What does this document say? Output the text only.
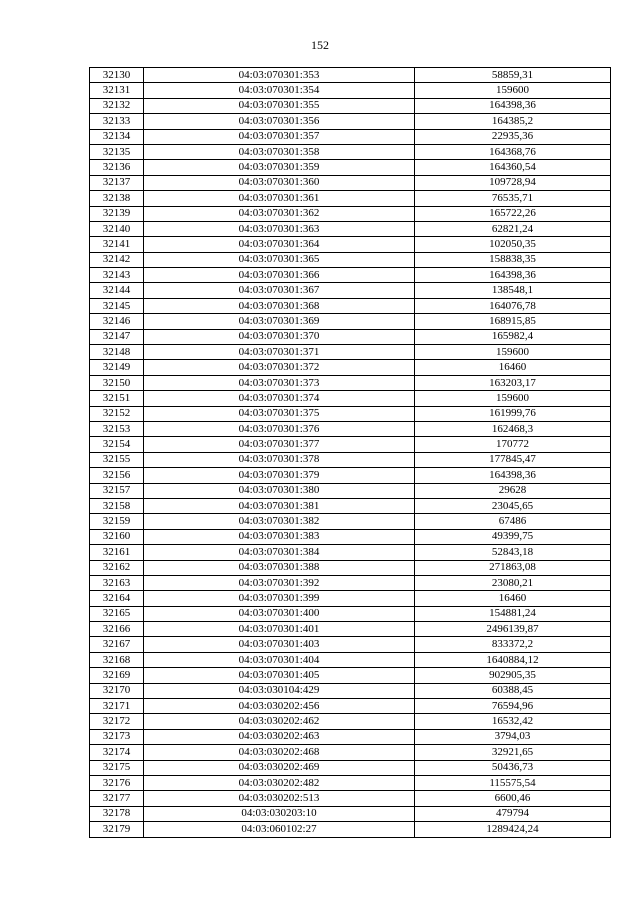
152
32130	04:03:070301:353	58859,31
32131	04:03:070301:354	159600
32132	04:03:070301:355	164398,36
32133	04:03:070301:356	164385,2
32134	04:03:070301:357	22935,36
32135	04:03:070301:358	164368,76
32136	04:03:070301:359	164360,54
32137	04:03:070301:360	109728,94
32138	04:03:070301:361	76535,71
32139	04:03:070301:362	165722,26
32140	04:03:070301:363	62821,24
32141	04:03:070301:364	102050,35
32142	04:03:070301:365	158838,35
32143	04:03:070301:366	164398,36
32144	04:03:070301:367	138548,1
32145	04:03:070301:368	164076,78
32146	04:03:070301:369	168915,85
32147	04:03:070301:370	165982,4
32148	04:03:070301:371	159600
32149	04:03:070301:372	16460
32150	04:03:070301:373	163203,17
32151	04:03:070301:374	159600
32152	04:03:070301:375	161999,76
32153	04:03:070301:376	162468,3
32154	04:03:070301:377	170772
32155	04:03:070301:378	177845,47
32156	04:03:070301:379	164398,36
32157	04:03:070301:380	29628
32158	04:03:070301:381	23045,65
32159	04:03:070301:382	67486
32160	04:03:070301:383	49399,75
32161	04:03:070301:384	52843,18
32162	04:03:070301:388	271863,08
32163	04:03:070301:392	23080,21
32164	04:03:070301:399	16460
32165	04:03:070301:400	154881,24
32166	04:03:070301:401	2496139,87
32167	04:03:070301:403	833372,2
32168	04:03:070301:404	1640884,12
32169	04:03:070301:405	902905,35
32170	04:03:030104:429	60388,45
32171	04:03:030202:456	76594,96
32172	04:03:030202:462	16532,42
32173	04:03:030202:463	3794,03
32174	04:03:030202:468	32921,65
32175	04:03:030202:469	50436,73
32176	04:03:030202:482	115575,54
32177	04:03:030202:513	6600,46
32178	04:03:030203:10	479794
32179	04:03:060102:27	1289424,24
